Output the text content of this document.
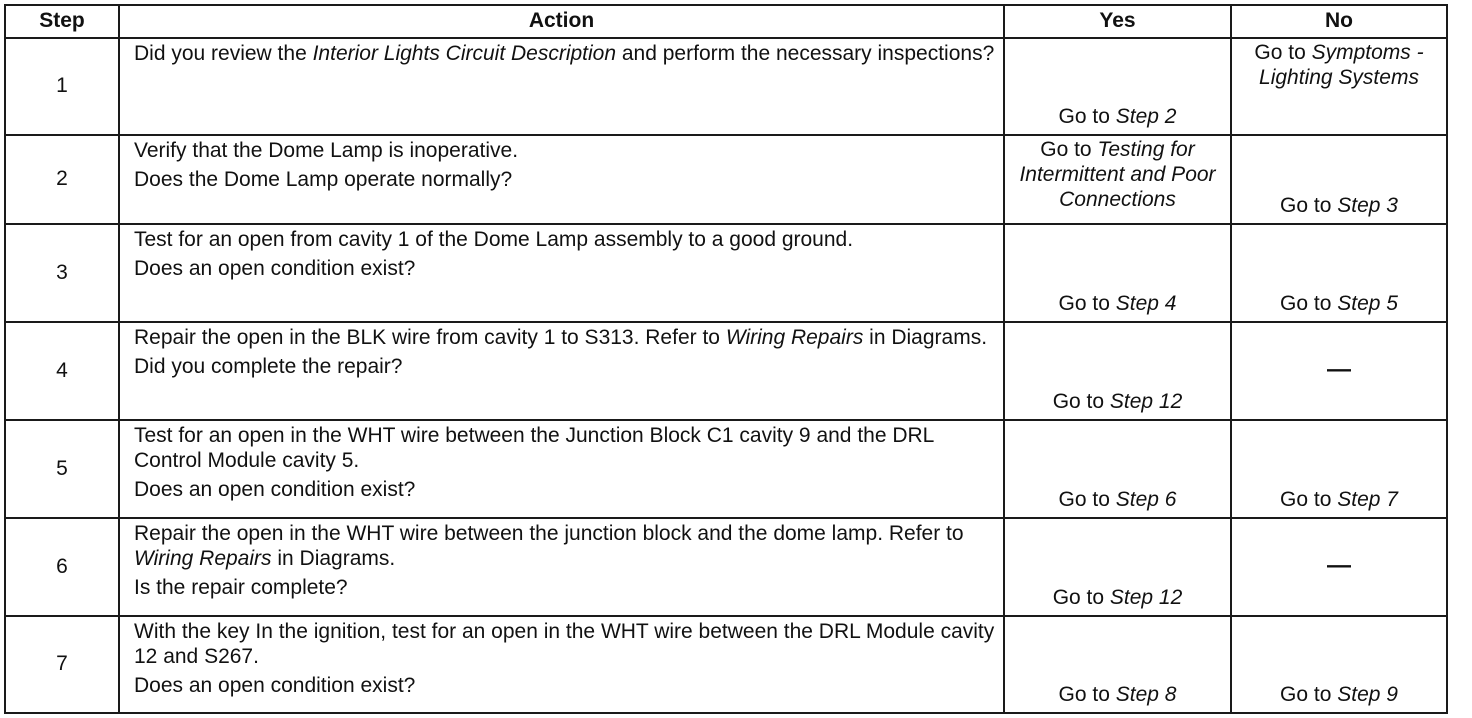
Step	Action	Yes	No
1	Did you review the Interior Lights Circuit Description and perform the necessary inspections?	Go to Step 2	Go to Symptoms - Lighting Systems
2	Verify that the Dome Lamp is inoperative.

Does the Dome Lamp operate normally?	Go to Testing for Intermittent and Poor Connections	Go to Step 3
3	Test for an open from cavity 1 of the Dome Lamp assembly to a good ground.

Does an open condition exist?	Go to Step 4	Go to Step 5
4	Repair the open in the BLK wire from cavity 1 to S313. Refer to Wiring Repairs in Diagrams.

Did you complete the repair?	Go to Step 12	—
5	Test for an open in the WHT wire between the Junction Block C1 cavity 9 and the DRL Control Module cavity 5.

Does an open condition exist?	Go to Step 6	Go to Step 7
6	Repair the open in the WHT wire between the junction block and the dome lamp. Refer to Wiring Repairs in Diagrams.

Is the repair complete?	Go to Step 12	—
7	With the key In the ignition, test for an open in the WHT wire between the DRL Module cavity 12 and S267.

Does an open condition exist?	Go to Step 8	Go to Step 9
